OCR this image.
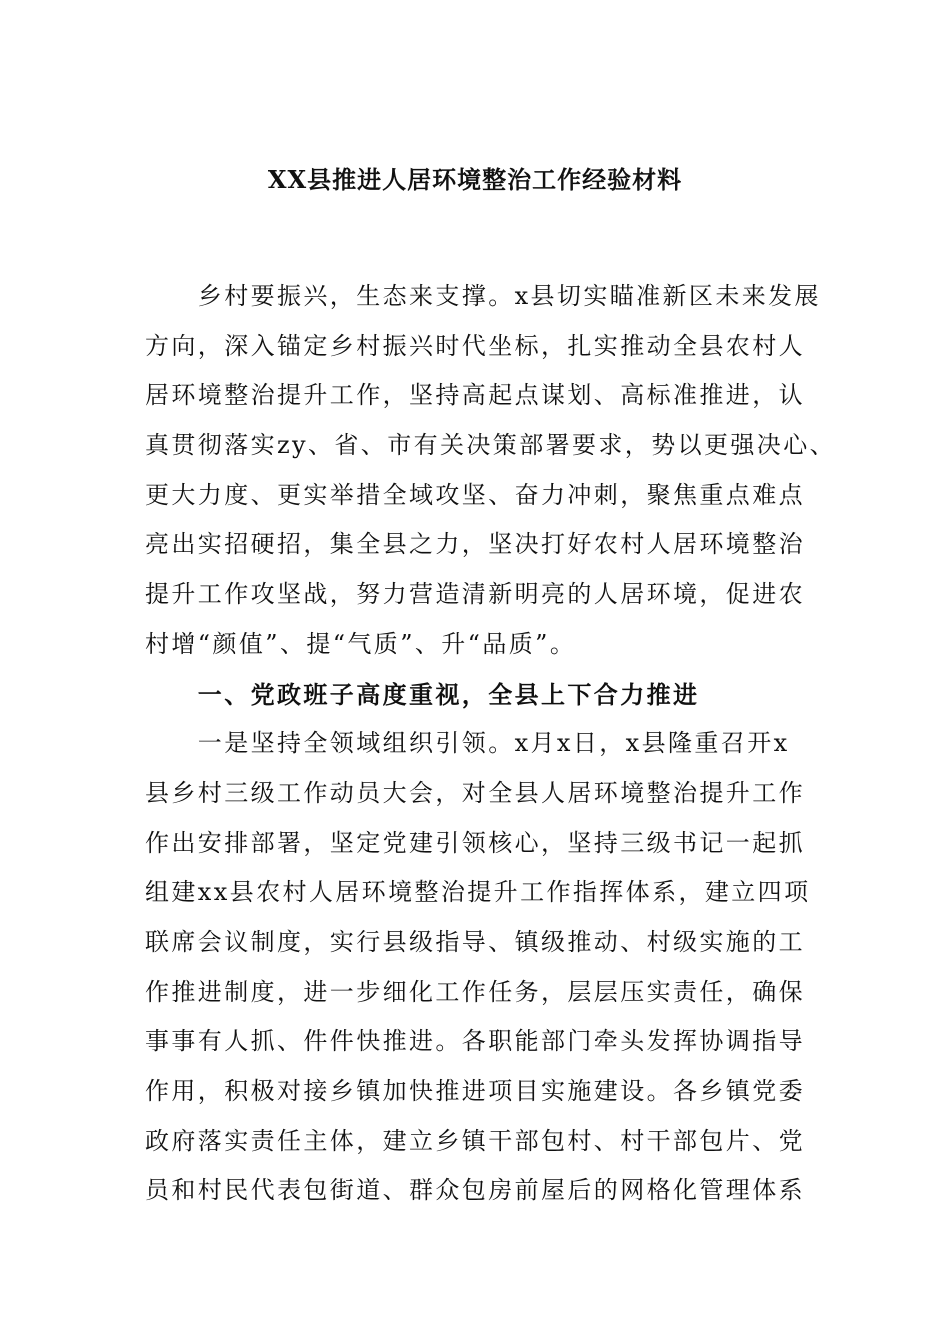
XX县推进人居环境整治工作经验材料
　　乡村要振兴，生态来支撑。x县切实瞄准新区未来发展
方向，深入锚定乡村振兴时代坐标，扎实推动全县农村人
居环境整治提升工作，坚持高起点谋划、高标准推进，认
真贯彻落实zy、省、市有关决策部署要求，势以更强决心、
更大力度、更实举措全域攻坚、奋力冲刺，聚焦重点难点
亮出实招硬招，集全县之力，坚决打好农村人居环境整治
提升工作攻坚战，努力营造清新明亮的人居环境，促进农
村增“颜值”、提“气质”、升“品质”。
　　一、党政班子高度重视，全县上下合力推进
　　一是坚持全领域组织引领。x月x日，x县隆重召开x
县乡村三级工作动员大会，对全县人居环境整治提升工作
作出安排部署，坚定党建引领核心，坚持三级书记一起抓
组建xx县农村人居环境整治提升工作指挥体系，建立四项
联席会议制度，实行县级指导、镇级推动、村级实施的工
作推进制度，进一步细化工作任务，层层压实责任，确保
事事有人抓、件件快推进。各职能部门牵头发挥协调指导
作用，积极对接乡镇加快推进项目实施建设。各乡镇党委
政府落实责任主体，建立乡镇干部包村、村干部包片、党
员和村民代表包街道、群众包房前屋后的网格化管理体系
